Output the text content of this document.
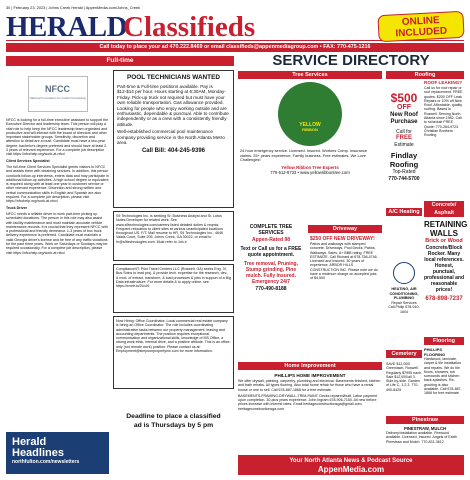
30 | February 23, 2023 | Johns Creek Herald | AppenMedia.com/Johns_Creek
HERALD
Classifieds	ONLINE
INCLUDED
Call today to place your ad 470.222.8469 or email classifieds@appenmediagroup.com • FAX: 770-475-1216
Full-time	SERVICE DIRECTORY
NFCC
National Foundation for Credit Counseling

NFCC is looking for a full-time executive assistant to support the Executive Director and leadership team. This person will play a vital role to help keep the NFCC leadership team organized and productive and will interact with the board of directors and other important stakeholder groups. Sensitivity, discretion and attention to detail are a must. Candidate must have a two-year degree, bachelor's degree preferred and should have at least 2-3 years of relevant experience. For a complete job description visit https://nfcchelp.org/work-at-nfcc/

Client Services Specialist

The full-time Client Services Specialist greets visitors to NFCC and assists them with obtaining services. In addition, this person conducts follow-up interviews, enters data and may participate in additional follow-up activities. A high school degree or equivalent is required along with at least one year in customer service or other relevant experience. Discretion and strong written and verbal communication skills in English and Spanish are also required. For a complete job description, please visit https://nfcchelp.org/work-at-nfcc/

Truck Driver

NFCC needs a reliable driver to work part-time picking up scheduled donations. The person in this role may also assist with facility maintenance and must maintain accurate vehicle maintenance records. It is crucial that they represent NFCC with a professional and friendly demeanor. 1-3 years of box truck delivery experience is preferred. Candidate must maintain a valid Georgia driver's license and be free of any traffic violations for the past three years. Work on Saturdays or Sundays may be required occasionally. For a complete job description, please visit https://nfcchelp.org/work-at-nfcc/

Herald
Headlines
northfulton.com/newsletters
POOL TECHNICIANS WANTED

Part-time & Full-time positions available. Pay is $12-$14 per hour. Hours starting at 6:30AM, Monday-Friday. Pick-up truck not required but must have your own reliable transportation. Gas allowance provided. Looking for people who enjoy working outside and are enthusiastic, dependable & punctual. Able to contribute independently or as a crew with a consistently friendly attitude.

Well-established commercial pool maintenance company providing service in the North Atlanta Metro area.

Call Bill: 404-245-9396

S9 Technologies Inc. is seeking Sr. Business Analyst and Sr. Lotus Notes Developer for related work. See www.s9technologies.com/careers listed detailed duties & reqmts. Frequent relocation to client sites at various unanticipated locations throughout US. F/T. Mail resume to HR, S9 Technologies Inc., 4646 Valais Court, Suite 205, Johns Creek, GA 30022, or email to hr@s9technologies.com. Must refer to Job #

Compliance/IT: Pilot Travel Centers LLC (Roswell, GA) seeks Eng. IV, Bus Solns to lead proj. & provide tech. expertise for the research, dev., & mod. of extract, transform, & load processes & jobs in support of a Big Data infrastructure. For more details & to apply online, see https://xmrtr.io/2LbJ6

Now Hiring: Office Coordinator. Local commercial real estate company is hiring an Office Coordinator. The role includes coordinating administrative tasks between our property management, leasing and accounting departments. The position requires exceptional communication and organizational skills, knowledge of MS Office, a strong work ethic, internal drive, and a positive attitude. This is an office-only (not remote work) position. Please contact us at: Employment@simpsonpropertyinc.com for more information.

Deadline to place a classified
ad is Thursdays by 5 pm
Tree Services
YELLOW
RIBBON

24 hour emergency service. Licensed. Insured. Workers Comp. Insurance claims. 25+ years experience. Family business. Free estimates. We Love Challenges!

Yellow Ribbon Tree Experts
770-512-8733 • www.yellowribbontree.com
COMPLETE TREE SERVICES
Appen-Rated 98
Text or Call us for a FREE quote appointment.
Tree removal, Pruning, Stump grinding, Pine mulch. Fully Insured. Emergency 24/7
770-490-8188
Driveway
$250 OFF NEW DRIVEWAY!

Patios and walkways with stamped concrete. Driveways, Pool Decks, Patios, Walkways. Sales. A+ BBB rating. FREE ESTIMATE. Call Richard at 678-758-4746. Licensed and Insured. 30 years of experience. ARBOR HILLS CONSTRUCTION INC. Please note we do have a minimum charge on accepted jobs of $4,500

Roofing
$500
OFF
New Roof
Purchase
Call for
FREE
Estimate
Findlay
Roofing
Top-Rated
770-744-5700
ROOF LEAKING?

Call us for roof repair or roof replacement. FREE quotes. $200 OFF Leak Repairs or 10% off New Roof. Affordable, quality roofing. Based in Roswell. Serving North Atlanta since 1982. Call to schedule FREE Quote: 770-284-9723. Christian Brothers Roofing

Concrete/ Asphalt
RETAINING
WALLS
Brick or Wood

Concrete/Block Rocker. Many local references. Honest, punctual, professional and reasonable prices!

678-898-7237
A/C Heating
HEATING, AIR CONDITIONING, PLUMBING
Repair Services
Call Philip 678-910-1604
Home Improvement
PHILLIPS HOME IMPROVEMENT

We offer drywall, painting, carpentry, plumbing and electrical. Basements finished, kitchen and bath rehabs. All types flooring. Also total home rehab for those who have a rental house or one to sell. Call 678-887-1868 for a free estimate.

BASEMENTS-FRAMING-DRYWALL-TRIM-PAINT: Decks repaired/built. Labor payment upon completion. 30-plus years experience. John Ingram 678-906-7150. All new before prices increase with interest rates. Email heritageconstructionsga@gmail.com, heritageconstructionsga.com

Cemetery

SAVE $12,000! Greenlawn, Roswell. Regularly $7995 each. Sale $12,000/all 3. Side-by-side. Garden of Life C, 1,2,3. 770-490-8425

Flooring
PHILLIPS FLOORING

Hardwood, laminate, carpet & tile installation and repairs. We do tile floors, showers, tub surrounds and kitchen back-splashes. Re-grouting is also available. Call 678-887-1868 for free estimate

Pinestraw
PINESTRAW, MULCH

Delivery/installation available. Firewood available. Licensed, Insured. Angels of Earth Pinestraw and Mulch: 770-831-3612

Your North Atlanta News & Podcast Source
AppenMedia.com
